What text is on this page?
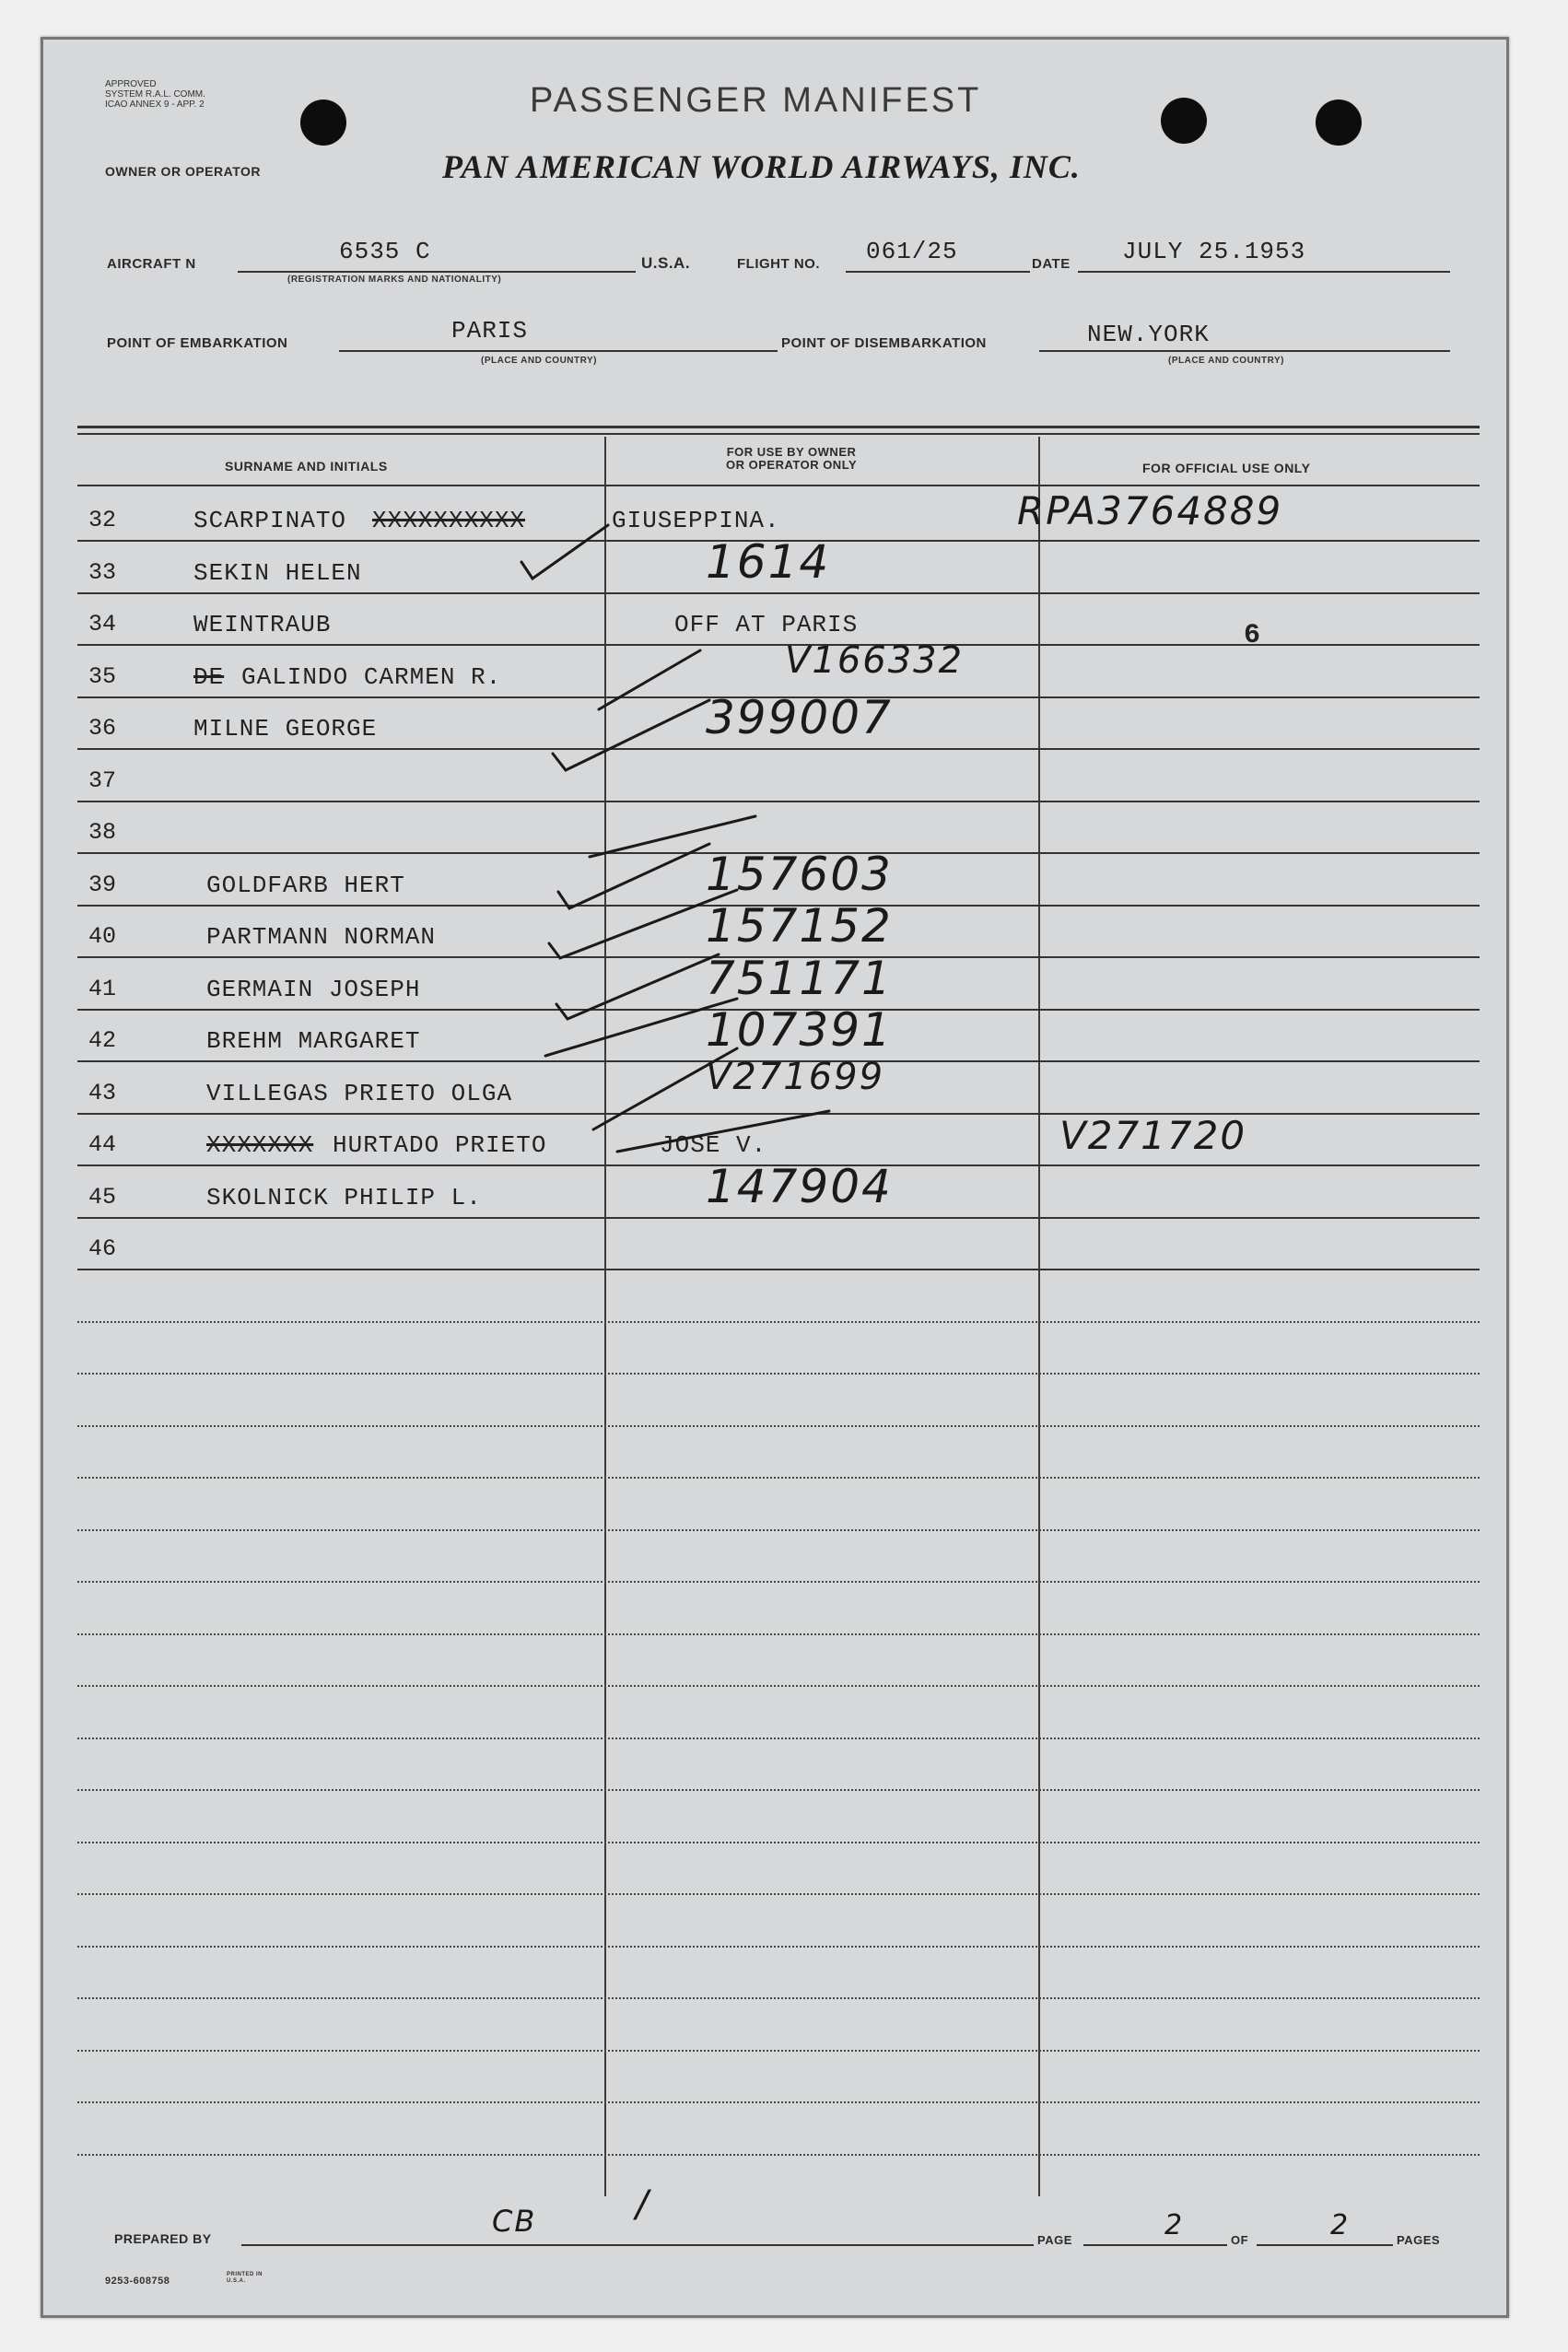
APPROVED
SYSTEM R.A.L. COMM.
ICAO ANNEX 9 - APP. 2	PASSENGER MANIFEST
OWNER OR OPERATOR	PAN AMERICAN WORLD AIRWAYS, INC.
AIRCRAFT N	6535 C
(REGISTRATION MARKS AND NATIONALITY)
U.S.A.	FLIGHT NO. 061/25	DATE JULY 25.1953
POINT OF EMBARKATION	PARIS
(PLACE AND COUNTRY)
POINT OF DISEMBARKATION	NEW.YORK
(PLACE AND COUNTRY)
SURNAME AND INITIALS
FOR USE BY OWNER
OR OPERATOR ONLY	FOR OFFICIAL USE ONLY
32	SCARPINATO XXXXXXXXXX	GIUSEPPINA.	RPA3764889
33	SEKIN HELEN	1614
34	WEINTRAUB	OFF AT PARIS	6
35	DE GALINDO CARMEN R.	V166332
36	MILNE GEORGE	399007
37
38
39	GOLDFARB HERT	157603
40	PARTMANN NORMAN	157152
41	GERMAIN JOSEPH	751171
42	BREHM MARGARET	107391
43	VILLEGAS PRIETO OLGA	V271699
44	XXXXXXX HURTADO PRIETO	JOSE V.	V271720
45	SKOLNICK PHILIP L.	147904
46
PREPARED BY	CB	/
PAGE	2	OF	2	PAGES
9253-608758
PRINTED IN U.S.A.
